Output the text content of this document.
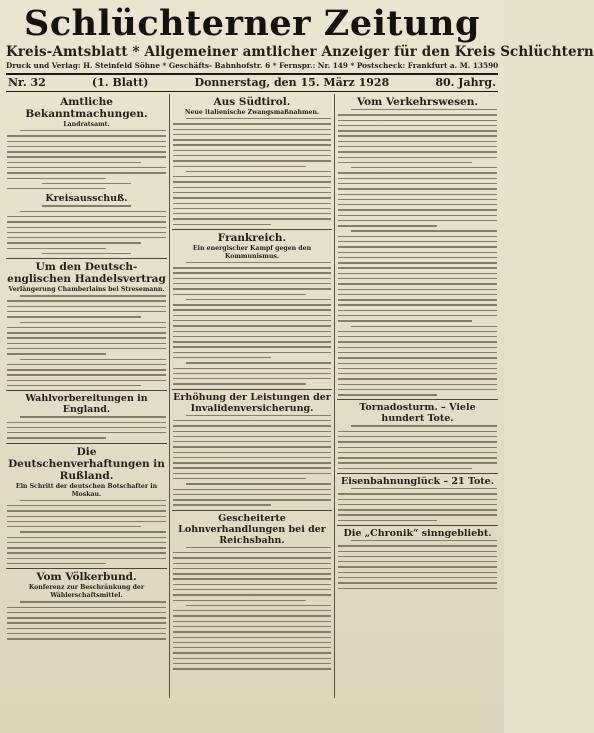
Schlüchterner Zeitung
Kreis-Amtsblatt * Allgemeiner amtlicher Anzeiger für den Kreis Schlüchtern
Druck und Verlag: H. Steinfeld Söhne * Geschäfts- Bahnhofstr. 6 * Fernspr.: Nr. 149 * Postscheck: Frankfurt a. M. 13590
Nr. 32	(1. Blatt)	Donnerstag, den 15. März 1928	80. Jahrg.
Amtliche Bekanntmachungen.
Landratsamt.
Kreisausschuß.
Um den Deutsch-englischen Handelsvertrag
Verlängerung Chamberlains bei Stresemann.
Wahlvorbereitungen in England.
Die Deutschenverhaftungen in Rußland.
Ein Schritt der deutschen Botschafter in Moskau.
Vom Völkerbund.
Konferenz zur Beschränkung der Wählerschaftsmittel.
Aus Südtirol.
Neue italienische Zwangsmaßnahmen.
Frankreich.
Ein energischer Kampf gegen den Kommunismus.
Erhöhung der Leistungen der Invalidenversicherung.
Gescheiterte Lohnverhandlungen bei der Reichsbahn.
Vom Verkehrswesen.
Tornadosturm. – Viele hundert Tote.
Eisenbahnunglück – 21 Tote.
Die „Chronik“ sinngebliebt.
